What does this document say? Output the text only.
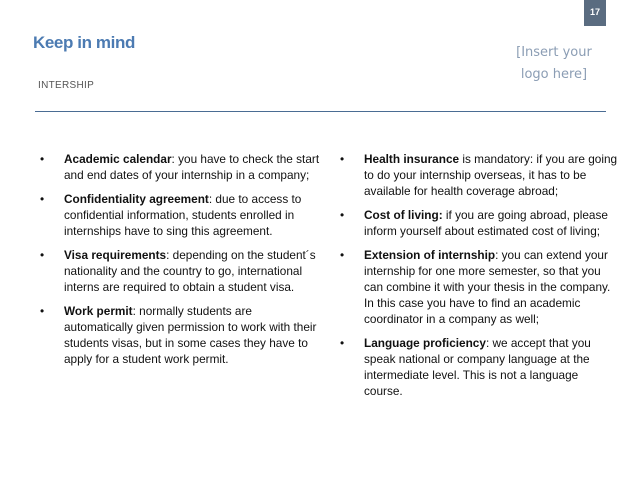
17
Keep in mind

INTERSHIP

[Insert your logo here]
• Academic calendar: you have to check the start and end dates of your internship in a company;
• Confidentiality agreement: due to access to confidential information, students enrolled in internships have to sing this agreement.
• Visa requirements: depending on the student´s nationality and the country to go, international interns are required to obtain a student visa.
• Work permit: normally students are automatically given permission to work with their students visas, but in some cases they have to apply for a student work permit.
• Health insurance is mandatory: if you are going to do your internship overseas, it has to be available for health coverage abroad;
• Cost of living: if you are going abroad, please inform yourself about estimated cost of living;
• Extension of internship: you can extend your internship for one more semester, so that you can combine it with your thesis in the company. In this case you have to find an academic coordinator in a company as well;
• Language proficiency: we accept that you speak national or company language at the intermediate level. This is not a language course.
